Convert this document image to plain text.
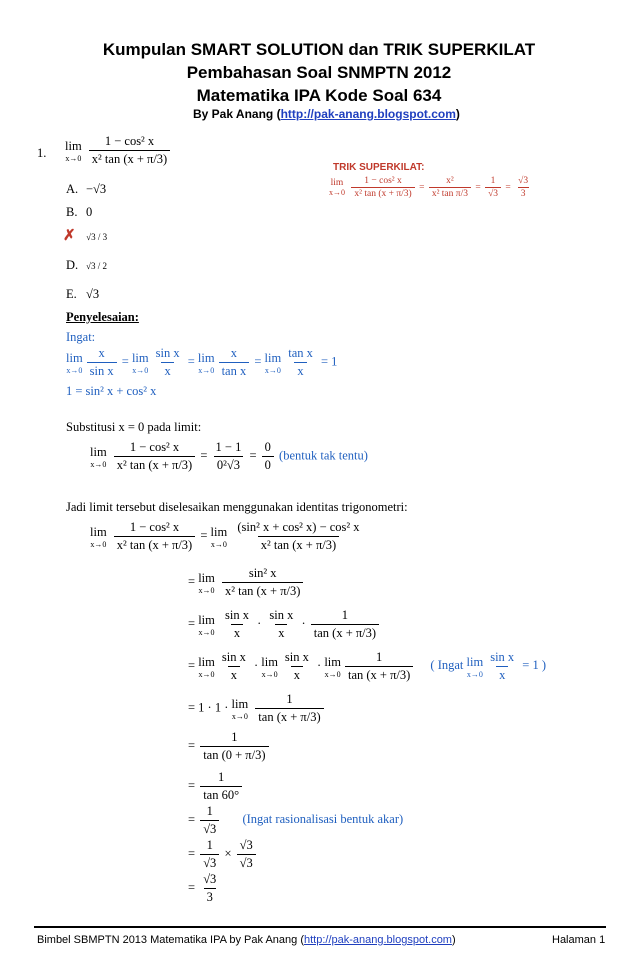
Kumpulan SMART SOLUTION dan TRIK SUPERKILAT
Pembahasan Soal SNMPTN 2012
Matematika IPA Kode Soal 634
By Pak Anang (http://pak-anang.blogspot.com)
1.
lim
x→0
$\frac{\text{1 − cos² x}}{\text{x² tan (x + π/3)}}$
A. −√3
B. 0
✗ √3 / 3
D. √3 / 2
E. √3
TRIK SUPERKILAT:
lim
x→0
$\frac{\text{1 − cos² x}}{\text{x² tan (x + π/3)}} = \frac{\text{x²}}{\text{x² tan π/3}} = \frac{1}{√3} = \frac{√3}{3}$
Penyelesaian:
Ingat:
lim
$x\to 0 \frac{x}{\text{sin x}} = \lim$
$x\to 0 \frac{\text{sin x}}{x} = \lim$
$x\to 0 \frac{x}{\text{tan x}} = \lim$
$x\to 0 \frac{\text{tan x}}{x} = 1$
1 = sin² x + cos² x
Substitusi x = 0 pada limit:
lim
x→0
$\frac{\text{1 − cos² x}}{\text{x² tan (x + π/3)}} = \frac{1 - 1}{\text{0²√3}} = \frac{0}{0}$ (bentuk tak tentu)
Jadi limit tersebut diselesaikan menggunakan identitas trigonometri:
lim
x→0
$\frac{\text{1 − cos² x}}{\text{x² tan (x + π/3)}} = \lim$
x→0
$\frac{\text{(sin² x + cos² x) − cos² x}}{\text{x² tan (x + π/3)}}$
= lim
x→0
$\frac{\text{sin² x}}{\text{x² tan (x + π/3)}}$
= lim
x→0
$\frac{\text{sin x}}{x} \cdot \frac{\text{sin x}}{x} \cdot \frac{1}{\tan (x + \pi/3)}$
= lim
$x\to 0 \frac{\text{sin x}}{x} \cdot \lim$
$x\to 0 \frac{\text{sin x}}{x} \cdot \lim$
$x\to 0 \frac{1}{\tan (x + \pi/3)}$ ( Ingat lim
$x\to 0 \frac{\text{sin x}}{x} = 1$ )
= 1 · 1 · lim
x→0
$\frac{1}{\tan (x + \pi/3)}$
= $\frac{1}{\tan (0 + \pi/3)}$
= $\frac{1}{\tan 60^\circ}$
= $\frac{1}{√3}$ (Ingat rasionalisasi bentuk akar)
= $\frac{1}{√3} \times \frac{√3}{√3}$
= $\frac{√3}{3}$
Bimbel SBMPTN 2013 Matematika IPA by Pak Anang (http://pak-anang.blogspot.com)	Halaman 1
